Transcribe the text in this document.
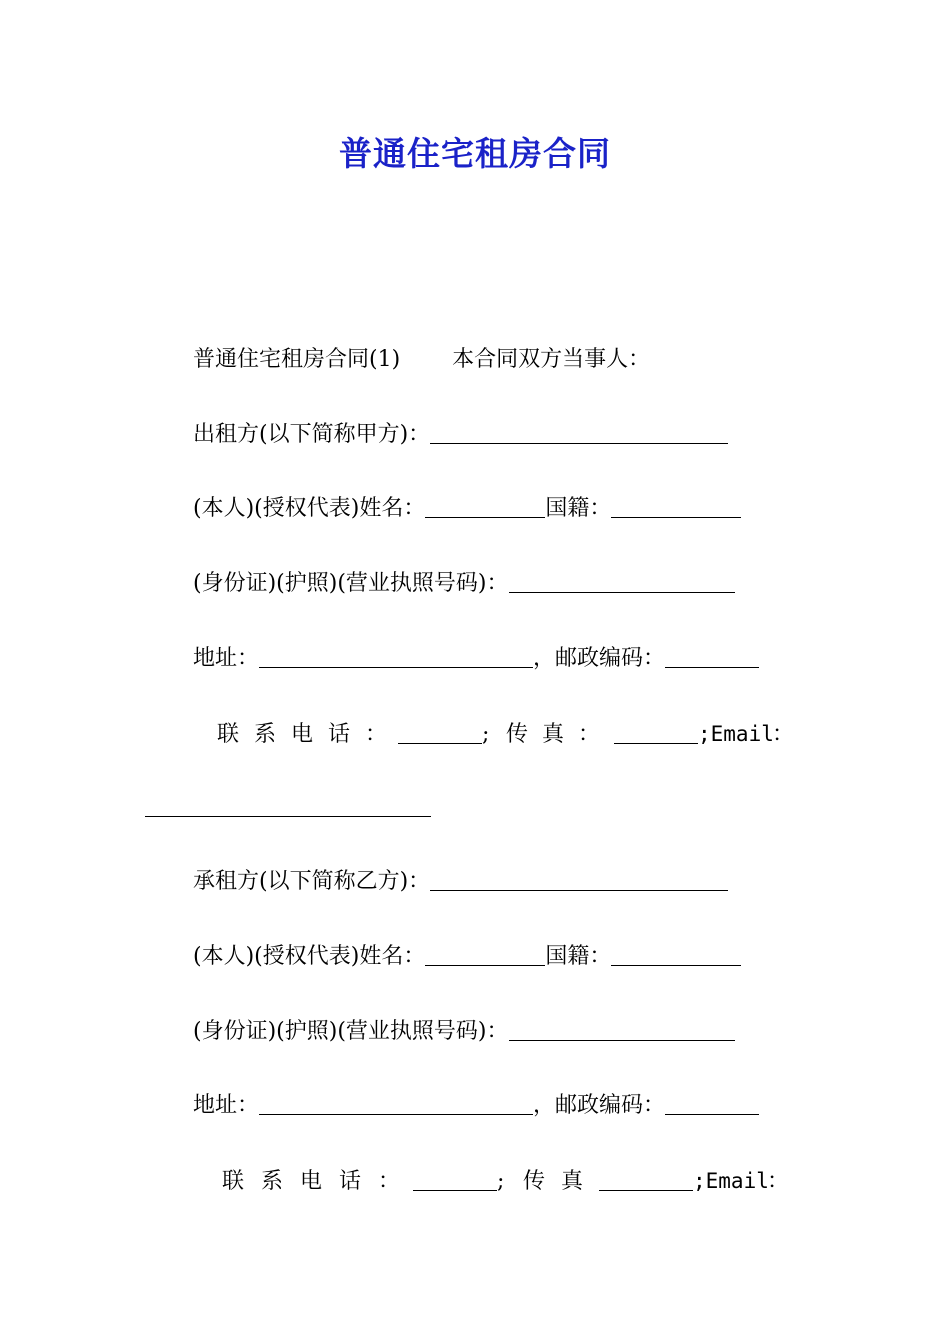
普通住宅租房合同
普通住宅租房合同(1) 本合同双方当事人：
出租方(以下简称甲方)：
(本人)(授权代表)姓名：	国籍：
(身份证)(护照)(营业执照号码)：
地址：	，邮政编码：
联 系 电 话 ：	; 传 真 ：	;Email：
承租方(以下简称乙方)：
(本人)(授权代表)姓名：	国籍：
(身份证)(护照)(营业执照号码)：
地址：	，邮政编码：
联 系 电 话 ：	; 传 真	;Email：
